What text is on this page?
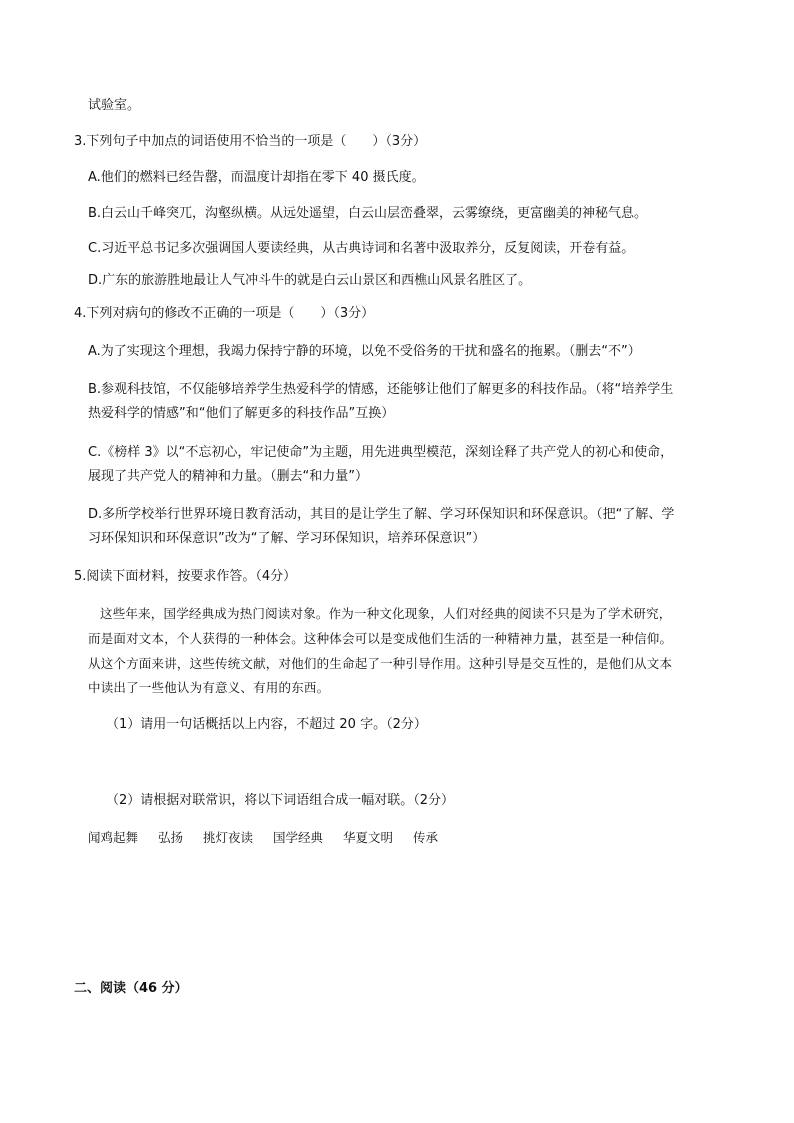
试验室。
3.下列句子中加点的词语使用不恰当的一项是（　　）（3分）
A.他们的燃料已经告罄，而温度计却指在零下 40 摄氏度。
B.白云山千峰突兀，沟壑纵横。从远处遥望，白云山层峦叠翠，云雾缭绕，更富幽美的神秘气息。
C.习近平总书记多次强调国人要读经典，从古典诗词和名著中汲取养分，反复阅读，开卷有益。
D.广东的旅游胜地最让人气冲斗牛的就是白云山景区和西樵山风景名胜区了。
4.下列对病句的修改不正确的一项是（　　）（3分）
A.为了实现这个理想，我竭力保持宁静的环境，以免不受俗务的干扰和盛名的拖累。（删去“不”）
B.参观科技馆，不仅能够培养学生热爱科学的情感，还能够让他们了解更多的科技作品。（将“培养学生
热爱科学的情感”和“他们了解更多的科技作品”互换）
C.《榜样 3》以“不忘初心，牢记使命”为主题，用先进典型模范，深刻诠释了共产党人的初心和使命，
展现了共产党人的精神和力量。（删去“和力量”）
D.多所学校举行世界环境日教育活动，其目的是让学生了解、学习环保知识和环保意识。（把“了解、学
习环保知识和环保意识”改为“了解、学习环保知识，培养环保意识”）
5.阅读下面材料，按要求作答。（4分）
这些年来，国学经典成为热门阅读对象。作为一种文化现象，人们对经典的阅读不只是为了学术研究，
而是面对文本，个人获得的一种体会。这种体会可以是变成他们生活的一种精神力量，甚至是一种信仰。
从这个方面来讲，这些传统文献，对他们的生命起了一种引导作用。这种引导是交互性的，是他们从文本
中读出了一些他认为有意义、有用的东西。
（1）请用一句话概括以上内容，不超过 20 字。（2分）
（2）请根据对联常识，将以下词语组合成一幅对联。（2分）
闻鸡起舞 弘扬 挑灯夜读 国学经典 华夏文明 传承
二、阅读（46 分）
